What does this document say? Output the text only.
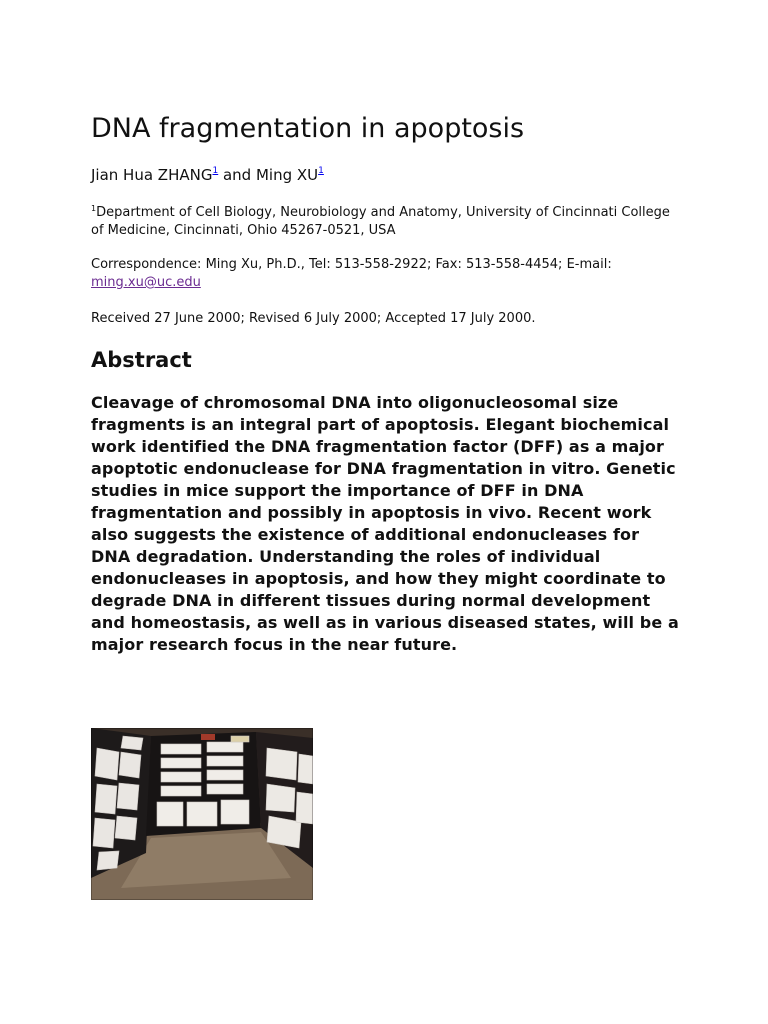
DNA fragmentation in apoptosis
Jian Hua ZHANG$^1$ and Ming $XU^1$

$^1$Department of Cell Biology, Neurobiology and Anatomy, University of Cincinnati College of Medicine, Cincinnati, Ohio 45267-0521, USA

Correspondence: Ming Xu, Ph.D., Tel: 513-558-2922; Fax: 513-558-4454; E-mail: ming.xu@uc.edu

Received 27 June 2000; Revised 6 July 2000; Accepted 17 July 2000.

Abstract

Cleavage of chromosomal DNA into oligonucleosomal size fragments is an integral part of apoptosis. Elegant biochemical work identified the DNA fragmentation factor (DFF) as a major apoptotic endonuclease for DNA fragmentation in vitro. Genetic studies in mice support the importance of DFF in DNA fragmentation and possibly in apoptosis in vivo. Recent work also suggests the existence of additional endonucleases for DNA degradation. Understanding the roles of individual endonucleases in apoptosis, and how they might coordinate to degrade DNA in different tissues during normal development and homeostasis, as well as in various diseased states, will be a major research focus in the near future.
